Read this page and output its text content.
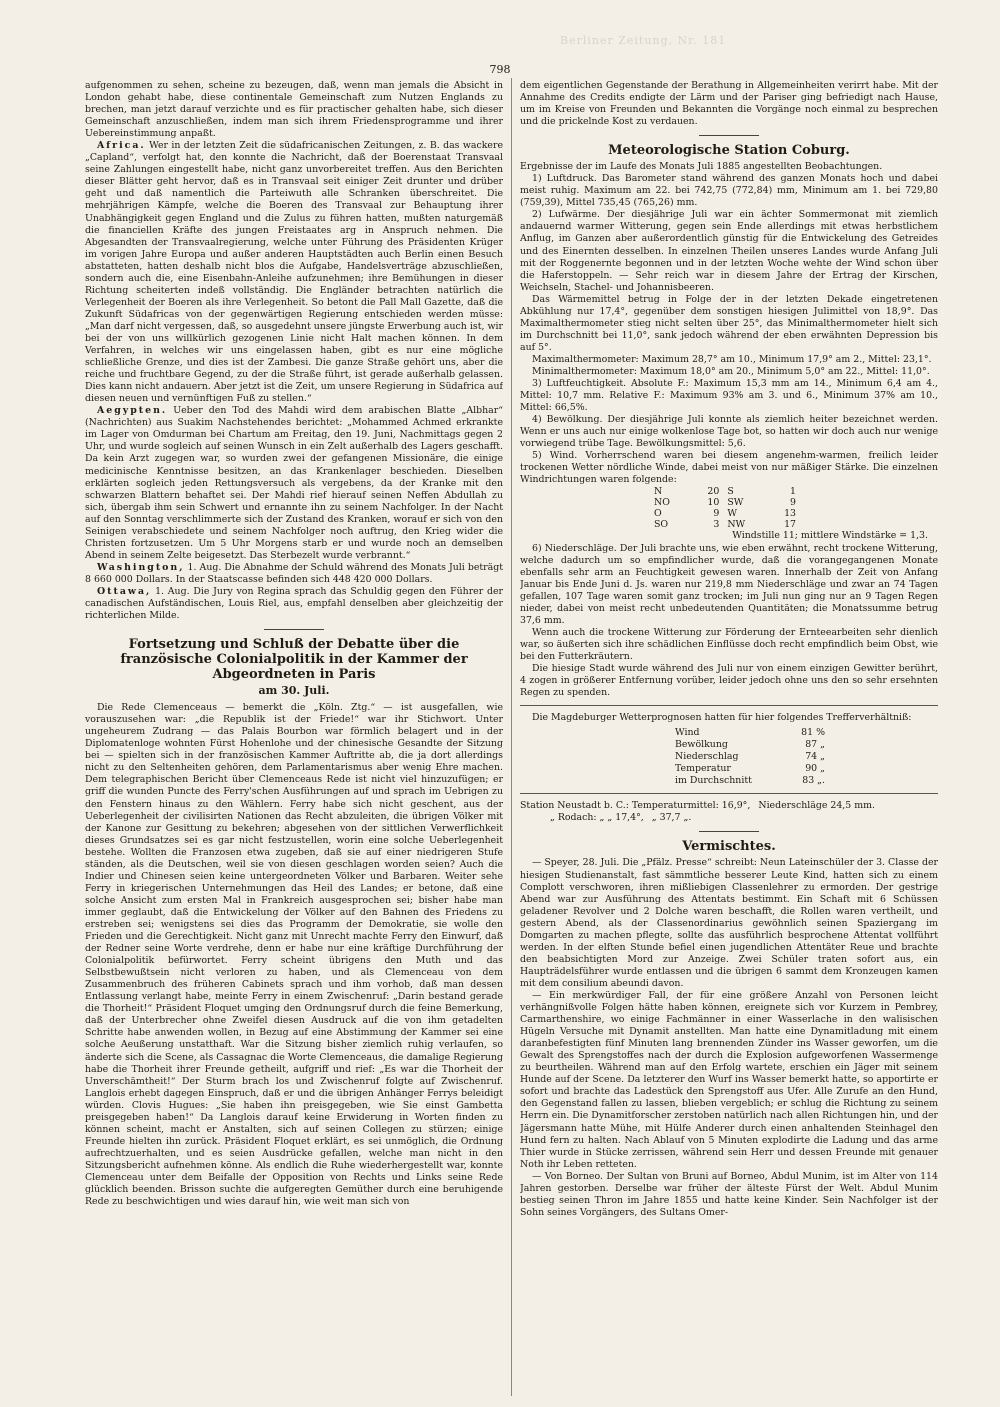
Berliner Zeitung, Nr. 181
798

aufgenommen zu sehen, scheine zu bezeugen, daß, wenn man jemals die Absicht in London gehabt habe, diese continentale Gemeinschaft zum Nutzen Englands zu brechen, man jetzt darauf verzichte und es für practischer gehalten habe, sich dieser Gemeinschaft anzuschließen, indem man sich ihrem Friedensprogramme und ihrer Uebereinstimmung anpaßt.

Africa. Wer in der letzten Zeit die südafricanischen Zeitungen, z. B. das wackere „Capland“, verfolgt hat, den konnte die Nachricht, daß der Boerenstaat Transvaal seine Zahlungen eingestellt habe, nicht ganz unvorbereitet treffen. Aus den Berichten dieser Blätter geht hervor, daß es in Transvaal seit einiger Zeit drunter und drüber geht und daß namentlich die Parteiwuth alle Schranken überschreitet. Die mehrjährigen Kämpfe, welche die Boeren des Transvaal zur Behauptung ihrer Unabhängigkeit gegen England und die Zulus zu führen hatten, mußten naturgemäß die financiellen Kräfte des jungen Freistaates arg in Anspruch nehmen. Die Abgesandten der Transvaalregierung, welche unter Führung des Präsidenten Krüger im vorigen Jahre Europa und außer anderen Hauptstädten auch Berlin einen Besuch abstatteten, hatten deshalb nicht blos die Aufgabe, Handelsverträge abzuschließen, sondern auch die, eine Eisenbahn-Anleihe aufzunehmen; ihre Bemühungen in dieser Richtung scheiterten indeß vollständig. Die Engländer betrachten natürlich die Verlegenheit der Boeren als ihre Verlegenheit. So betont die Pall Mall Gazette, daß die Zukunft Südafricas von der gegenwärtigen Regierung entschieden werden müsse: „Man darf nicht vergessen, daß, so ausgedehnt unsere jüngste Erwerbung auch ist, wir bei der von uns willkürlich gezogenen Linie nicht Halt machen können. In dem Verfahren, in welches wir uns eingelassen haben, gibt es nur eine mögliche schließliche Grenze, und dies ist der Zambesi. Die ganze Straße gehört uns, aber die reiche und fruchtbare Gegend, zu der die Straße führt, ist gerade außerhalb gelassen. Dies kann nicht andauern. Aber jetzt ist die Zeit, um unsere Regierung in Südafrica auf diesen neuen und vernünftigen Fuß zu stellen.“

Aegypten. Ueber den Tod des Mahdi wird dem arabischen Blatte „Albhar“ (Nachrichten) aus Suakim Nachstehendes berichtet: „Mohammed Achmed erkrankte im Lager von Omdurman bei Chartum am Freitag, den 19. Juni, Nachmittags gegen 2 Uhr, und wurde sogleich auf seinen Wunsch in ein Zelt außerhalb des Lagers geschafft. Da kein Arzt zugegen war, so wurden zwei der gefangenen Missionäre, die einige medicinische Kenntnisse besitzen, an das Krankenlager beschieden. Dieselben erklärten sogleich jeden Rettungsversuch als vergebens, da der Kranke mit den schwarzen Blattern behaftet sei. Der Mahdi rief hierauf seinen Neffen Abdullah zu sich, übergab ihm sein Schwert und ernannte ihn zu seinem Nachfolger. In der Nacht auf den Sonntag verschlimmerte sich der Zustand des Kranken, worauf er sich von den Seinigen verabschiedete und seinem Nachfolger noch auftrug, den Krieg wider die Christen fortzusetzen. Um 5 Uhr Morgens starb er und wurde noch an demselben Abend in seinem Zelte beigesetzt. Das Sterbezelt wurde verbrannt.“

Washington, 1. Aug. Die Abnahme der Schuld während des Monats Juli beträgt 8 660 000 Dollars. In der Staatscasse befinden sich 448 420 000 Dollars.

Ottawa, 1. Aug. Die Jury von Regina sprach das Schuldig gegen den Führer der canadischen Aufständischen, Louis Riel, aus, empfahl denselben aber gleichzeitig der richterlichen Milde.

Fortsetzung und Schluß der Debatte über die französische Colonialpolitik in der Kammer der Abgeordneten in Paris
am 30. Juli.

Die Rede Clemenceaus — bemerkt die „Köln. Ztg.“ — ist ausgefallen, wie vorauszusehen war: „die Republik ist der Friede!“ war ihr Stichwort. Unter ungeheurem Zudrang — das Palais Bourbon war förmlich belagert und in der Diplomatenloge wohnten Fürst Hohenlohe und der chinesische Gesandte der Sitzung bei — spielten sich in der französischen Kammer Auftritte ab, die ja dort allerdings nicht zu den Seltenheiten gehören, dem Parlamentarismus aber wenig Ehre machen. Dem telegraphischen Bericht über Clemenceaus Rede ist nicht viel hinzuzufügen; er griff die wunden Puncte des Ferry'schen Ausführungen auf und sprach im Uebrigen zu den Fenstern hinaus zu den Wählern. Ferry habe sich nicht geschent, aus der Ueberlegenheit der civilisirten Nationen das Recht abzuleiten, die übrigen Völker mit der Kanone zur Gesittung zu bekehren; abgesehen von der sittlichen Verwerflichkeit dieses Grundsatzes sei es gar nicht festzustellen, worin eine solche Ueberlegenheit bestehe. Wollten die Franzosen etwa zugeben, daß sie auf einer niedrigeren Stufe ständen, als die Deutschen, weil sie von diesen geschlagen worden seien? Auch die Indier und Chinesen seien keine untergeordneten Völker und Barbaren. Weiter sehe Ferry in kriegerischen Unternehmungen das Heil des Landes; er betone, daß eine solche Ansicht zum ersten Mal in Frankreich ausgesprochen sei; bisher habe man immer geglaubt, daß die Entwickelung der Völker auf den Bahnen des Friedens zu erstreben sei; wenigstens sei dies das Programm der Demokratie, sie wolle den Frieden und die Gerechtigkeit. Nicht ganz mit Unrecht machte Ferry den Einwurf, daß der Redner seine Worte verdrehe, denn er habe nur eine kräftige Durchführung der Colonialpolitik befürwortet. Ferry scheint übrigens den Muth und das Selbstbewußtsein nicht verloren zu haben, und als Clemenceau von dem Zusammenbruch des früheren Cabinets sprach und ihm vorhob, daß man dessen Entlassung verlangt habe, meinte Ferry in einem Zwischenruf: „Darin bestand gerade die Thorheit!“ Präsident Floquet umging den Ordnungsruf durch die feine Bemerkung, daß der Unterbrecher ohne Zweifel diesen Ausdruck auf die von ihm getadelten Schritte habe anwenden wollen, in Bezug auf eine Abstimmung der Kammer sei eine solche Aeußerung unstatthaft. War die Sitzung bisher ziemlich ruhig verlaufen, so änderte sich die Scene, als Cassagnac die Worte Clemenceaus, die damalige Regierung habe die Thorheit ihrer Freunde getheilt, aufgriff und rief: „Es war die Thorheit der Unverschämtheit!“ Der Sturm brach los und Zwischenruf folgte auf Zwischenruf. Langlois erhebt dagegen Einspruch, daß er und die übrigen Anhänger Ferrys beleidigt würden. Clovis Hugues: „Sie haben ihn preisgegeben, wie Sie einst Gambetta preisgegeben haben!“ Da Langlois darauf keine Erwiderung in Worten finden zu können scheint, macht er Anstalten, sich auf seinen Collegen zu stürzen; einige Freunde hielten ihn zurück. Präsident Floquet erklärt, es sei unmöglich, die Ordnung aufrechtzuerhalten, und es seien Ausdrücke gefallen, welche man nicht in den Sitzungsbericht aufnehmen könne. Als endlich die Ruhe wiederhergestellt war, konnte Clemenceau unter dem Beifalle der Opposition von Rechts und Links seine Rede glücklich beenden. Brisson suchte die aufgeregten Gemüther durch eine beruhigende Rede zu beschwichtigen und wies darauf hin, wie weit man sich von

dem eigentlichen Gegenstande der Berathung in Allgemeinheiten verirrt habe. Mit der Annahme des Credits endigte der Lärm und der Pariser ging befriedigt nach Hause, um im Kreise von Freunden und Bekannten die Vorgänge noch einmal zu besprechen und die prickelnde Kost zu verdauen.

Meteorologische Station Coburg.

Ergebnisse der im Laufe des Monats Juli 1885 angestellten Beobachtungen.

1) Luftdruck. Das Barometer stand während des ganzen Monats hoch und dabei meist ruhig. Maximum am 22. bei 742,75 (772,84) mm, Minimum am 1. bei 729,80 (759,39), Mittel 735,45 (765,26) mm.

2) Lufwärme. Der diesjährige Juli war ein ächter Sommermonat mit ziemlich andauernd warmer Witterung, gegen sein Ende allerdings mit etwas herbstlichem Anflug, im Ganzen aber außerordentlich günstig für die Entwickelung des Getreides und des Einernten desselben. In einzelnen Theilen unseres Landes wurde Anfang Juli mit der Roggenernte begonnen und in der letzten Woche wehte der Wind schon über die Haferstoppeln. — Sehr reich war in diesem Jahre der Ertrag der Kirschen, Weichseln, Stachel- und Johannisbeeren.

Das Wärmemittel betrug in Folge der in der letzten Dekade eingetretenen Abkühlung nur 17,4°, gegenüber dem sonstigen hiesigen Julimittel von 18,9°. Das Maximalthermometer stieg nicht selten über 25°, das Minimalthermometer hielt sich im Durchschnitt bei 11,0°, sank jedoch während der eben erwähnten Depression bis auf 5°.

Maximalthermometer: Maximum 28,7° am 10., Minimum 17,9° am 2., Mittel: 23,1°.

Minimalthermometer: Maximum 18,0° am 20., Minimum 5,0° am 22., Mittel: 11,0°.

3) Luftfeuchtigkeit. Absolute F.: Maximum 15,3 mm am 14., Minimum 6,4 am 4., Mittel: 10,7 mm. Relative F.: Maximum 93% am 3. und 6., Minimum 37% am 10., Mittel: 66,5%.

4) Bewölkung. Der diesjährige Juli konnte als ziemlich heiter bezeichnet werden. Wenn er uns auch nur einige wolkenlose Tage bot, so hatten wir doch auch nur wenige vorwiegend trübe Tage. Bewölkungsmittel: 5,6.

5) Wind. Vorherrschend waren bei diesem angenehm-warmen, freilich leider trockenen Wetter nördliche Winde, dabei meist von nur mäßiger Stärke. Die einzelnen Windrichtungen waren folgende:

N	20	S	1
NO	10	SW	9
O	9	W	13
SO	3	NW	17
Windstille 11; mittlere Windstärke = 1,3.

6) Niederschläge. Der Juli brachte uns, wie eben erwähnt, recht trockene Witterung, welche dadurch um so empfindlicher wurde, daß die vorangegangenen Monate ebenfalls sehr arm an Feuchtigkeit gewesen waren. Innerhalb der Zeit von Anfang Januar bis Ende Juni d. Js. waren nur 219,8 mm Niederschläge und zwar an 74 Tagen gefallen, 107 Tage waren somit ganz trocken; im Juli nun ging nur an 9 Tagen Regen nieder, dabei von meist recht unbedeutenden Quantitäten; die Monatssumme betrug 37,6 mm.

Wenn auch die trockene Witterung zur Förderung der Ernteearbeiten sehr dienlich war, so äußerten sich ihre schädlichen Einflüsse doch recht empfindlich beim Obst, wie bei den Futterkräutern.

Die hiesige Stadt wurde während des Juli nur von einem einzigen Gewitter berührt, 4 zogen in größerer Entfernung vorüber, leider jedoch ohne uns den so sehr ersehnten Regen zu spenden.

Die Magdeburger Wetterprognosen hatten für hier folgendes Trefferverhältniß:

Wind	81 %
Bewölkung	87 „
Niederschlag	74 „
Temperatur	90 „
im Durchschnitt	83 „.
Station Neustadt b. C.: Temperaturmittel: 16,9°, Niederschläge 24,5 mm.
„ Rodach: „ „ 17,4°, „ 37,7 „.
Vermischtes.

— Speyer, 28. Juli. Die „Pfälz. Presse“ schreibt: Neun Lateinschüler der 3. Classe der hiesigen Studienanstalt, fast sämmtliche besserer Leute Kind, hatten sich zu einem Complott verschworen, ihren mißliebigen Classenlehrer zu ermorden. Der gestrige Abend war zur Ausführung des Attentats bestimmt. Ein Schaft mit 6 Schüssen geladener Revolver und 2 Dolche waren beschafft, die Rollen waren vertheilt, und gestern Abend, als der Classenordinarius gewöhnlich seinen Spaziergang im Domgarten zu machen pflegte, sollte das ausführlich besprochene Attentat vollführt werden. In der elften Stunde befiel einen jugendlichen Attentäter Reue und brachte den beabsichtigten Mord zur Anzeige. Zwei Schüler traten sofort aus, ein Haupträdelsführer wurde entlassen und die übrigen 6 sammt dem Kronzeugen kamen mit dem consilium abeundi davon.

— Ein merkwürdiger Fall, der für eine größere Anzahl von Personen leicht verhängnißvolle Folgen hätte haben können, ereignete sich vor Kurzem in Pembrey, Carmarthenshire, wo einige Fachmänner in einer Wasserlache in den walisischen Hügeln Versuche mit Dynamit anstellten. Man hatte eine Dynamitladung mit einem daranbefestigten fünf Minuten lang brennenden Zünder ins Wasser geworfen, um die Gewalt des Sprengstoffes nach der durch die Explosion aufgeworfenen Wassermenge zu beurtheilen. Während man auf den Erfolg wartete, erschien ein Jäger mit seinem Hunde auf der Scene. Da letzterer den Wurf ins Wasser bemerkt hatte, so apportirte er sofort und brachte das Ladestück den Sprengstoff aus Ufer. Alle Zurufe an den Hund, den Gegenstand fallen zu lassen, blieben vergeblich; er schlug die Richtung zu seinem Herrn ein. Die Dynamitforscher zerstoben natürlich nach allen Richtungen hin, und der Jägersmann hatte Mühe, mit Hülfe Anderer durch einen anhaltenden Steinhagel den Hund fern zu halten. Nach Ablauf von 5 Minuten explodirte die Ladung und das arme Thier wurde in Stücke zerrissen, während sein Herr und dessen Freunde mit genauer Noth ihr Leben retteten.

— Von Borneo. Der Sultan von Bruni auf Borneo, Abdul Munim, ist im Alter von 114 Jahren gestorben. Derselbe war früher der älteste Fürst der Welt. Abdul Munim bestieg seinen Thron im Jahre 1855 und hatte keine Kinder. Sein Nachfolger ist der Sohn seines Vorgängers, des Sultans Omer-
